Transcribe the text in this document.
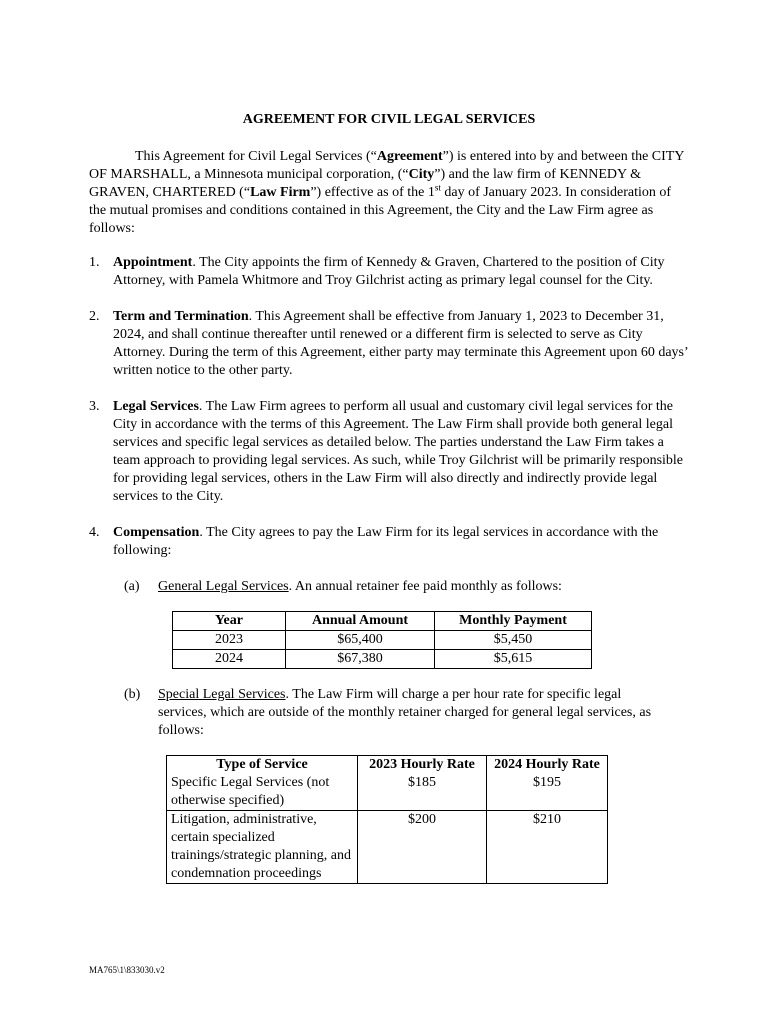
AGREEMENT FOR CIVIL LEGAL SERVICES

This Agreement for Civil Legal Services (“Agreement”) is entered into by and between the CITY OF MARSHALL, a Minnesota municipal corporation, (“City”) and the law firm of KENNEDY & GRAVEN, CHARTERED (“Law Firm”) effective as of the 1st day of January 2023. In consideration of the mutual promises and conditions contained in this Agreement, the City and the Law Firm agree as follows:

1. Appointment. The City appoints the firm of Kennedy & Graven, Chartered to the position of City Attorney, with Pamela Whitmore and Troy Gilchrist acting as primary legal counsel for the City.
2. Term and Termination. This Agreement shall be effective from January 1, 2023 to December 31, 2024, and shall continue thereafter until renewed or a different firm is selected to serve as City Attorney. During the term of this Agreement, either party may terminate this Agreement upon 60 days’ written notice to the other party.
3. Legal Services. The Law Firm agrees to perform all usual and customary civil legal services for the City in accordance with the terms of this Agreement. The Law Firm shall provide both general legal services and specific legal services as detailed below. The parties understand the Law Firm takes a team approach to providing legal services. As such, while Troy Gilchrist will be primarily responsible for providing legal services, others in the Law Firm will also directly and indirectly provide legal services to the City.
4. Compensation. The City agrees to pay the Law Firm for its legal services in accordance with the following:
(a) General Legal Services. An annual retainer fee paid monthly as follows:
Year	Annual Amount	Monthly Payment
2023	$65,400	$5,450
2024	$67,380	$5,615
(b) Special Legal Services. The Law Firm will charge a per hour rate for specific legal services, which are outside of the monthly retainer charged for general legal services, as follows:
Type of Service	2023 Hourly Rate	2024 Hourly Rate
Specific Legal Services (not otherwise specified)	$185	$195
Litigation, administrative, certain specialized trainings/strategic planning, and condemnation proceedings	$200	$210
MA765\1\833030.v2
